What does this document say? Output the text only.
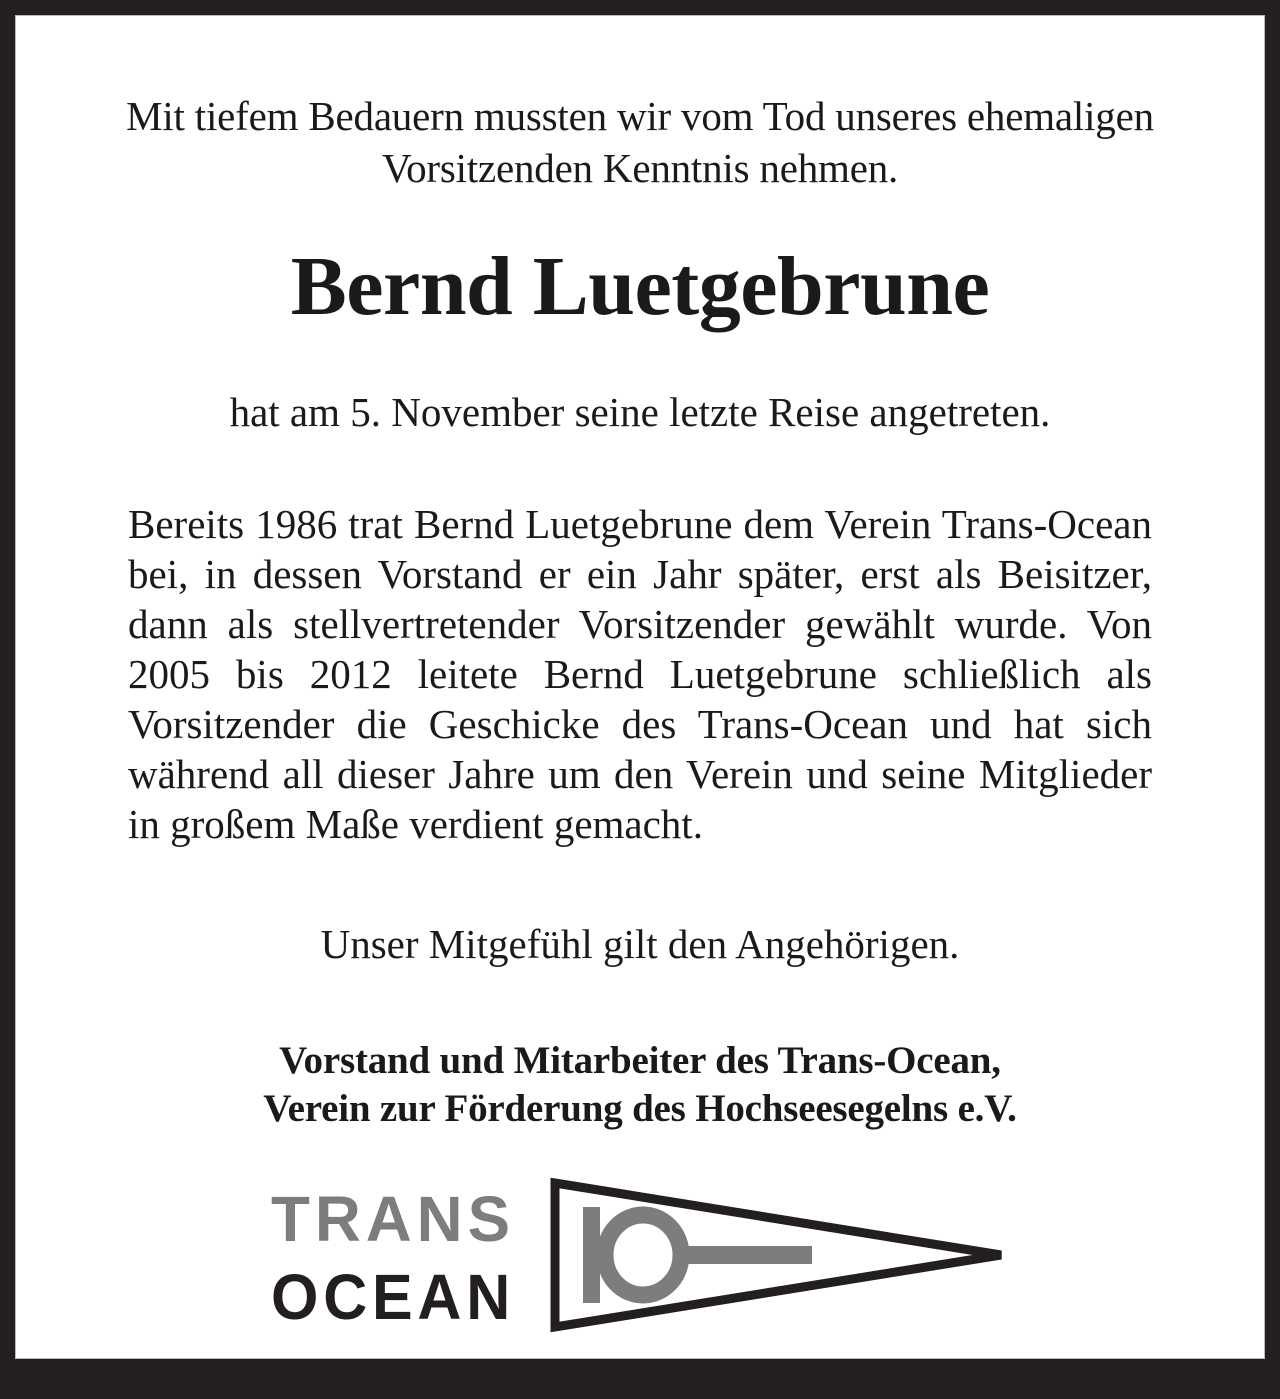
Mit tiefem Bedauern mussten wir vom Tod unseres ehemaligen Vorsitzenden Kenntnis nehmen.

Bernd Luetgebrune

hat am 5. November seine letzte Reise angetreten.

Bereits 1986 trat Bernd Luetgebrune dem Verein Trans-Ocean bei, in dessen Vorstand er ein Jahr später, erst als Beisitzer, dann als stellvertretender Vorsitzender gewählt wurde. Von 2005 bis 2012 leitete Bernd Luetgebrune schließlich als Vorsitzender die Geschicke des Trans-Ocean und hat sich während all dieser Jahre um den Verein und seine Mitglieder in großem Maße verdient gemacht.

Unser Mitgefühl gilt den Angehörigen.

Vorstand und Mitarbeiter des Trans-Ocean,
Verein zur Förderung des Hochseesegelns e.V.
TRANS
OCEAN
